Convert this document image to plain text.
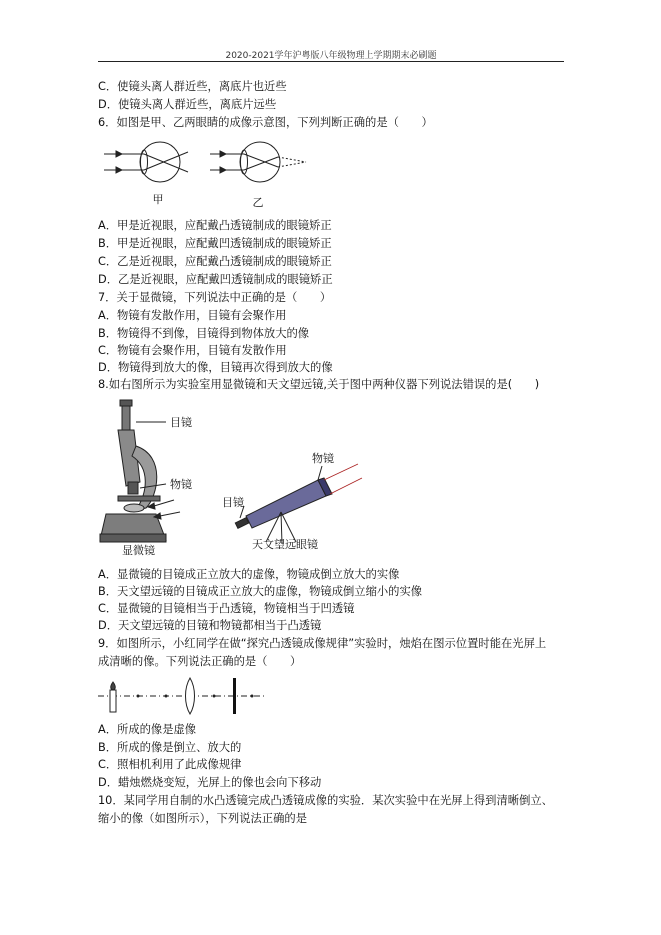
2020-2021学年沪粤版八年级物理上学期期末必刷题
C．使镜头离人群近些，离底片也近些
D．使镜头离人群近些，离底片远些
6．如图是甲、乙两眼睛的成像示意图，下列判断正确的是（　　）
甲	乙
A．甲是近视眼，应配戴凸透镜制成的眼镜矫正
B．甲是近视眼，应配戴凹透镜制成的眼镜矫正
C．乙是近视眼，应配戴凸透镜制成的眼镜矫正
D．乙是近视眼，应配戴凹透镜制成的眼镜矫正
7．关于显微镜，下列说法中正确的是（　　）
A．物镜有发散作用，目镜有会聚作用
B．物镜得不到像，目镜得到物体放大的像
C．物镜有会聚作用，目镜有发散作用
D．物镜得到放大的像，目镜再次得到放大的像
8.如右图所示为实验室用显微镜和天文望远镜,关于图中两种仪器下列说法错误的是(　　)
目镜
物镜
显微镜
物镜
目镜
天文望远眼镜
A．显微镜的目镜成正立放大的虚像，物镜成倒立放大的实像
B．天文望远镜的目镜成正立放大的虚像，物镜成倒立缩小的实像
C．显微镜的目镜相当于凸透镜，物镜相当于凹透镜
D．天文望远镜的目镜和物镜都相当于凸透镜
9．如图所示，小红同学在做“探究凸透镜成像规律”实验时，烛焰在图示位置时能在光屏上
成清晰的像。下列说法正确的是（　　）
A．所成的像是虚像
B．所成的像是倒立、放大的
C．照相机利用了此成像规律
D．蜡烛燃烧变短，光屏上的像也会向下移动
10．某同学用自制的水凸透镜完成凸透镜成像的实验．某次实验中在光屏上得到清晰倒立、
缩小的像（如图所示），下列说法正确的是
